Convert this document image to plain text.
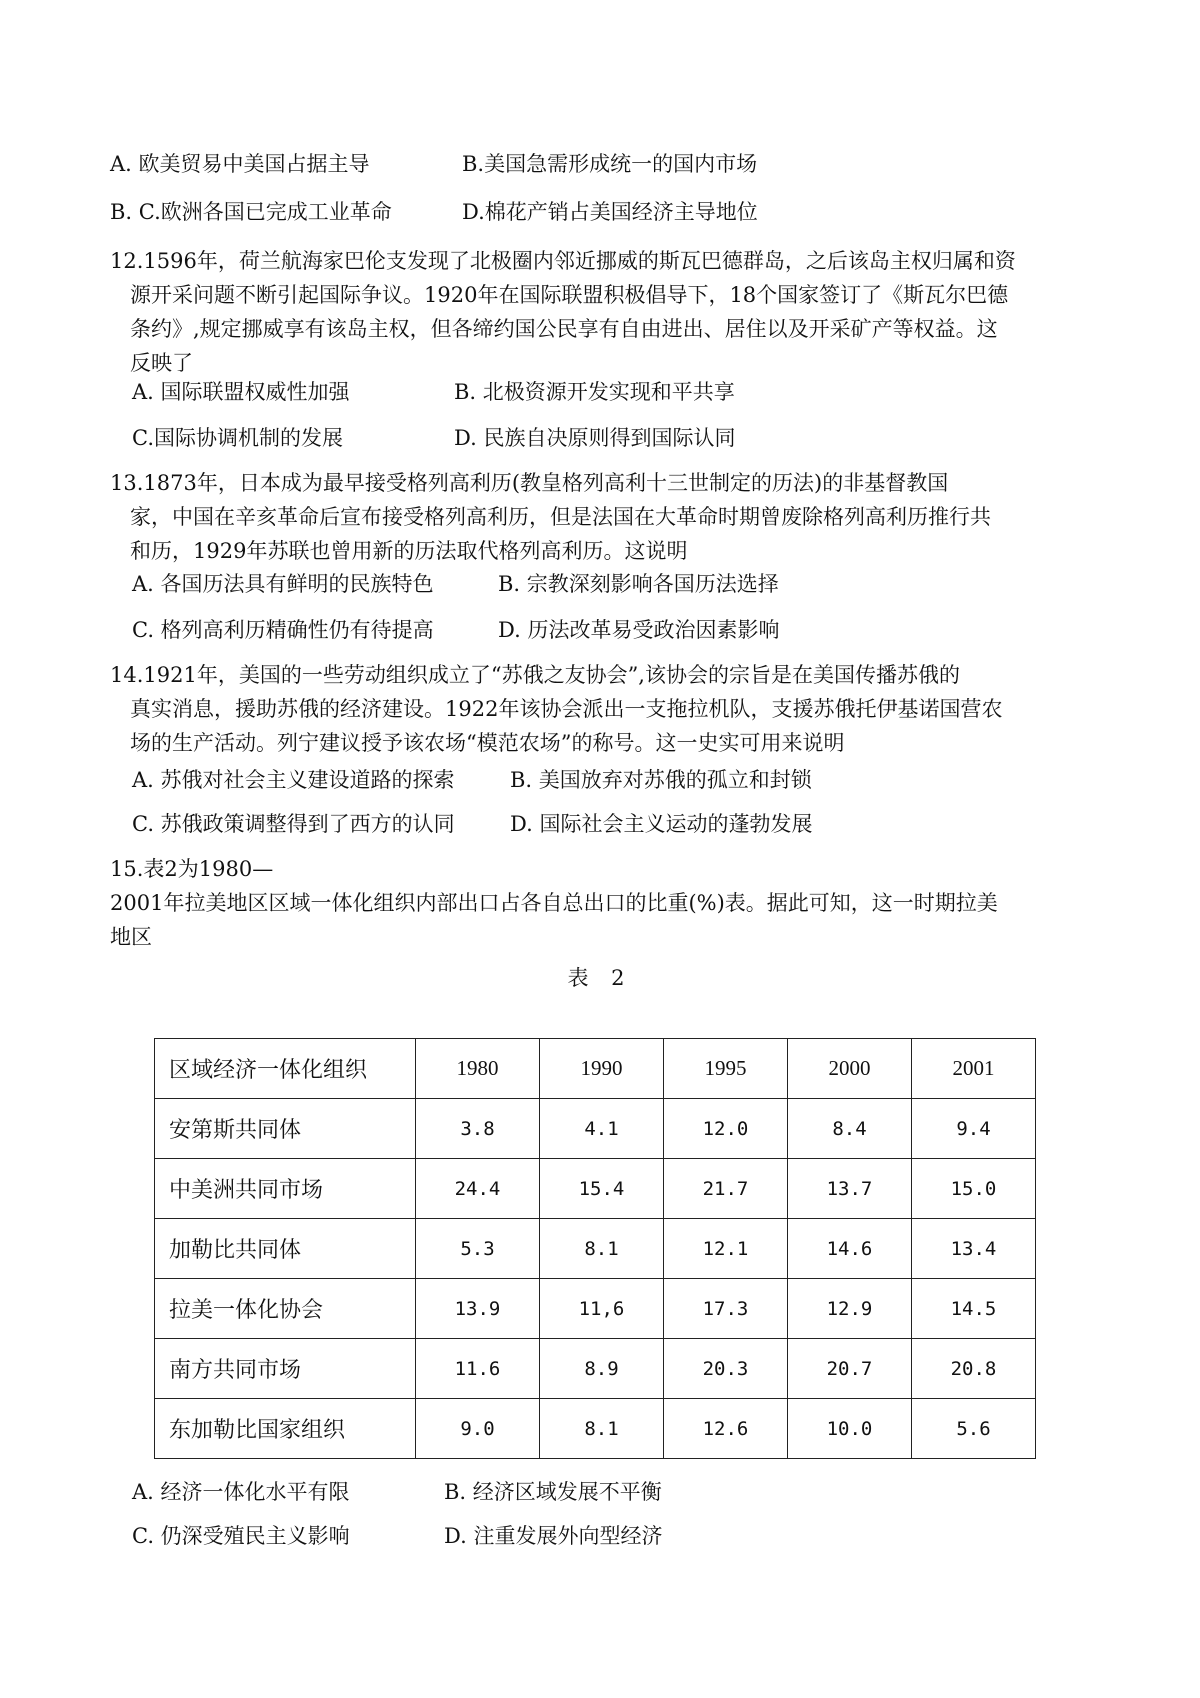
A. 欧美贸易中美国占据主导	B.美国急需形成统一的国内市场
B. C.欧洲各国已完成工业革命	D.棉花产销占美国经济主导地位
12.1596年，荷兰航海家巴伦支发现了北极圈内邻近挪威的斯瓦巴德群岛，之后该岛主权归属和资
源开采问题不断引起国际争议。1920年在国际联盟积极倡导下，18个国家签订了《斯瓦尔巴德
条约》,规定挪威享有该岛主权，但各缔约国公民享有自由进出、居住以及开采矿产等权益。这
反映了
A. 国际联盟权威性加强	B. 北极资源开发实现和平共享
C.国际协调机制的发展	D. 民族自决原则得到国际认同
13.1873年，日本成为最早接受格列高利历(教皇格列高利十三世制定的历法)的非基督教国
家，中国在辛亥革命后宣布接受格列高利历，但是法国在大革命时期曾废除格列高利历推行共
和历，1929年苏联也曾用新的历法取代格列高利历。这说明
A. 各国历法具有鲜明的民族特色	B. 宗教深刻影响各国历法选择
C. 格列高利历精确性仍有待提高	D. 历法改革易受政治因素影响
14.1921年，美国的一些劳动组织成立了“苏俄之友协会”,该协会的宗旨是在美国传播苏俄的
真实消息，援助苏俄的经济建设。1922年该协会派出一支拖拉机队，支援苏俄托伊基诺国营农
场的生产活动。列宁建议授予该农场“模范农场”的称号。这一史实可用来说明
A. 苏俄对社会主义建设道路的探索	B. 美国放弃对苏俄的孤立和封锁
C. 苏俄政策调整得到了西方的认同	D. 国际社会主义运动的蓬勃发展
15.表2为1980—
2001年拉美地区区域一体化组织内部出口占各自总出口的比重(%)表。据此可知，这一时期拉美
地区
表 2
区域经济一体化组织	1980	1990	1995	2000	2001
安第斯共同体	3.8	4.1	12.0	8.4	9.4
中美洲共同市场	24.4	15.4	21.7	13.7	15.0
加勒比共同体	5.3	8.1	12.1	14.6	13.4
拉美一体化协会	13.9	11,6	17.3	12.9	14.5
南方共同市场	11.6	8.9	20.3	20.7	20.8
东加勒比国家组织	9.0	8.1	12.6	10.0	5.6
A. 经济一体化水平有限	B. 经济区域发展不平衡
C. 仍深受殖民主义影响	D. 注重发展外向型经济
